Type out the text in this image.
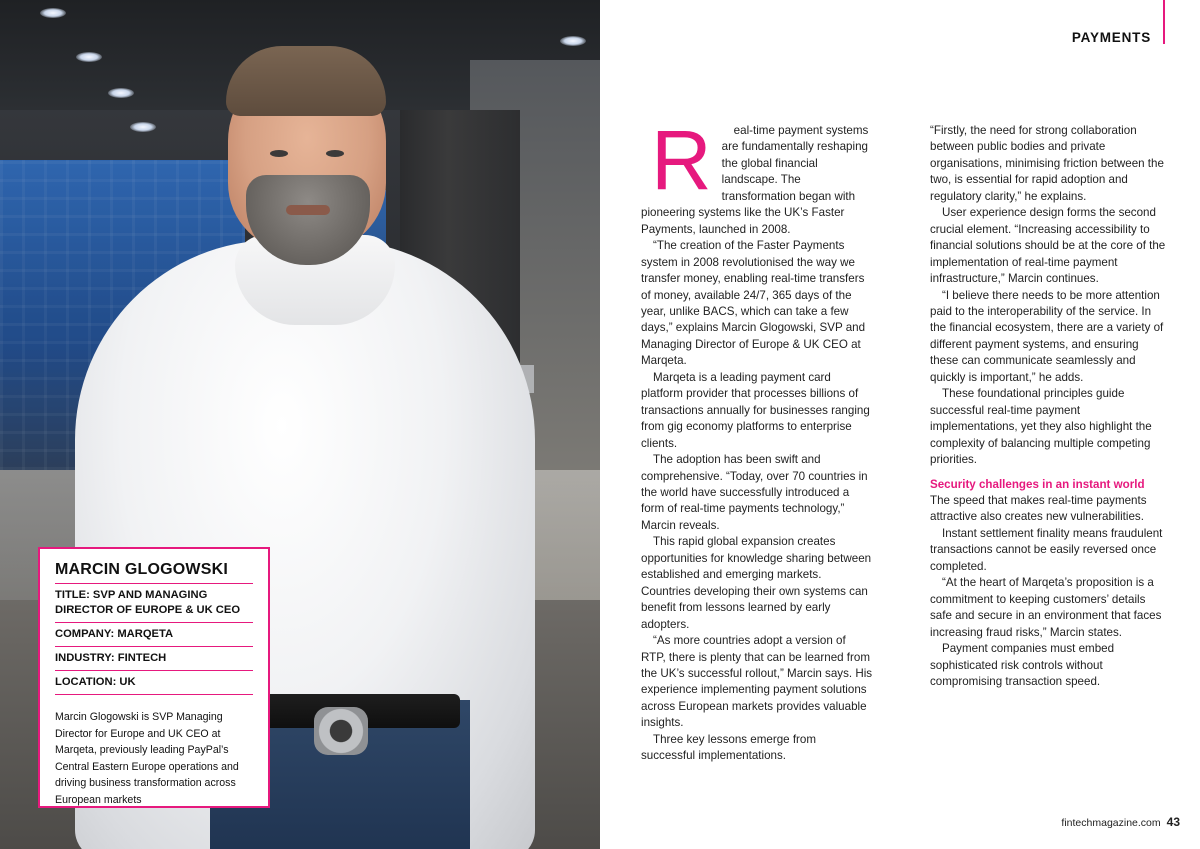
MARCIN GLOGOWSKI
TITLE: SVP AND MANAGING DIRECTOR OF EUROPE & UK CEO
COMPANY: MARQETA
INDUSTRY: FINTECH
LOCATION: UK
Marcin Glogowski is SVP Managing Director for Europe and UK CEO at Marqeta, previously leading PayPal’s Central Eastern Europe operations and driving business transformation across European markets
PAYMENTS

R eal-time payment systems are fundamentally reshaping the global financial landscape. The transformation began with pioneering systems like the UK’s Faster Payments, launched in 2008.

“The creation of the Faster Payments system in 2008 revolutionised the way we transfer money, enabling real-time transfers of money, available 24/7, 365 days of the year, unlike BACS, which can take a few days,” explains Marcin Glogowski, SVP and Managing Director of Europe & UK CEO at Marqeta.

Marqeta is a leading payment card platform provider that processes billions of transactions annually for businesses ranging from gig economy platforms to enterprise clients.

The adoption has been swift and comprehensive. “Today, over 70 countries in the world have successfully introduced a form of real-time payments technology,” Marcin reveals.

This rapid global expansion creates opportunities for knowledge sharing between established and emerging markets. Countries developing their own systems can benefit from lessons learned by early adopters.

“As more countries adopt a version of RTP, there is plenty that can be learned from the UK’s successful rollout,” Marcin says. His experience implementing payment solutions across European markets provides valuable insights.

Three key lessons emerge from successful implementations.

“Firstly, the need for strong collaboration between public bodies and private organisations, minimising friction between the two, is essential for rapid adoption and regulatory clarity,” he explains.

User experience design forms the second crucial element. “Increasing accessibility to financial solutions should be at the core of the implementation of real-time payment infrastructure,” Marcin continues.

“I believe there needs to be more attention paid to the interoperability of the service. In the financial ecosystem, there are a variety of different payment systems, and ensuring these can communicate seamlessly and quickly is important,” he adds.

These foundational principles guide successful real-time payment implementations, yet they also highlight the complexity of balancing multiple competing priorities.

Security challenges in an instant world

The speed that makes real-time payments attractive also creates new vulnerabilities.

Instant settlement finality means fraudulent transactions cannot be easily reversed once completed.

“At the heart of Marqeta’s proposition is a commitment to keeping customers’ details safe and secure in an environment that faces increasing fraud risks,” Marcin states.

Payment companies must embed sophisticated risk controls without compromising transaction speed.

fintechmagazine.com 43
